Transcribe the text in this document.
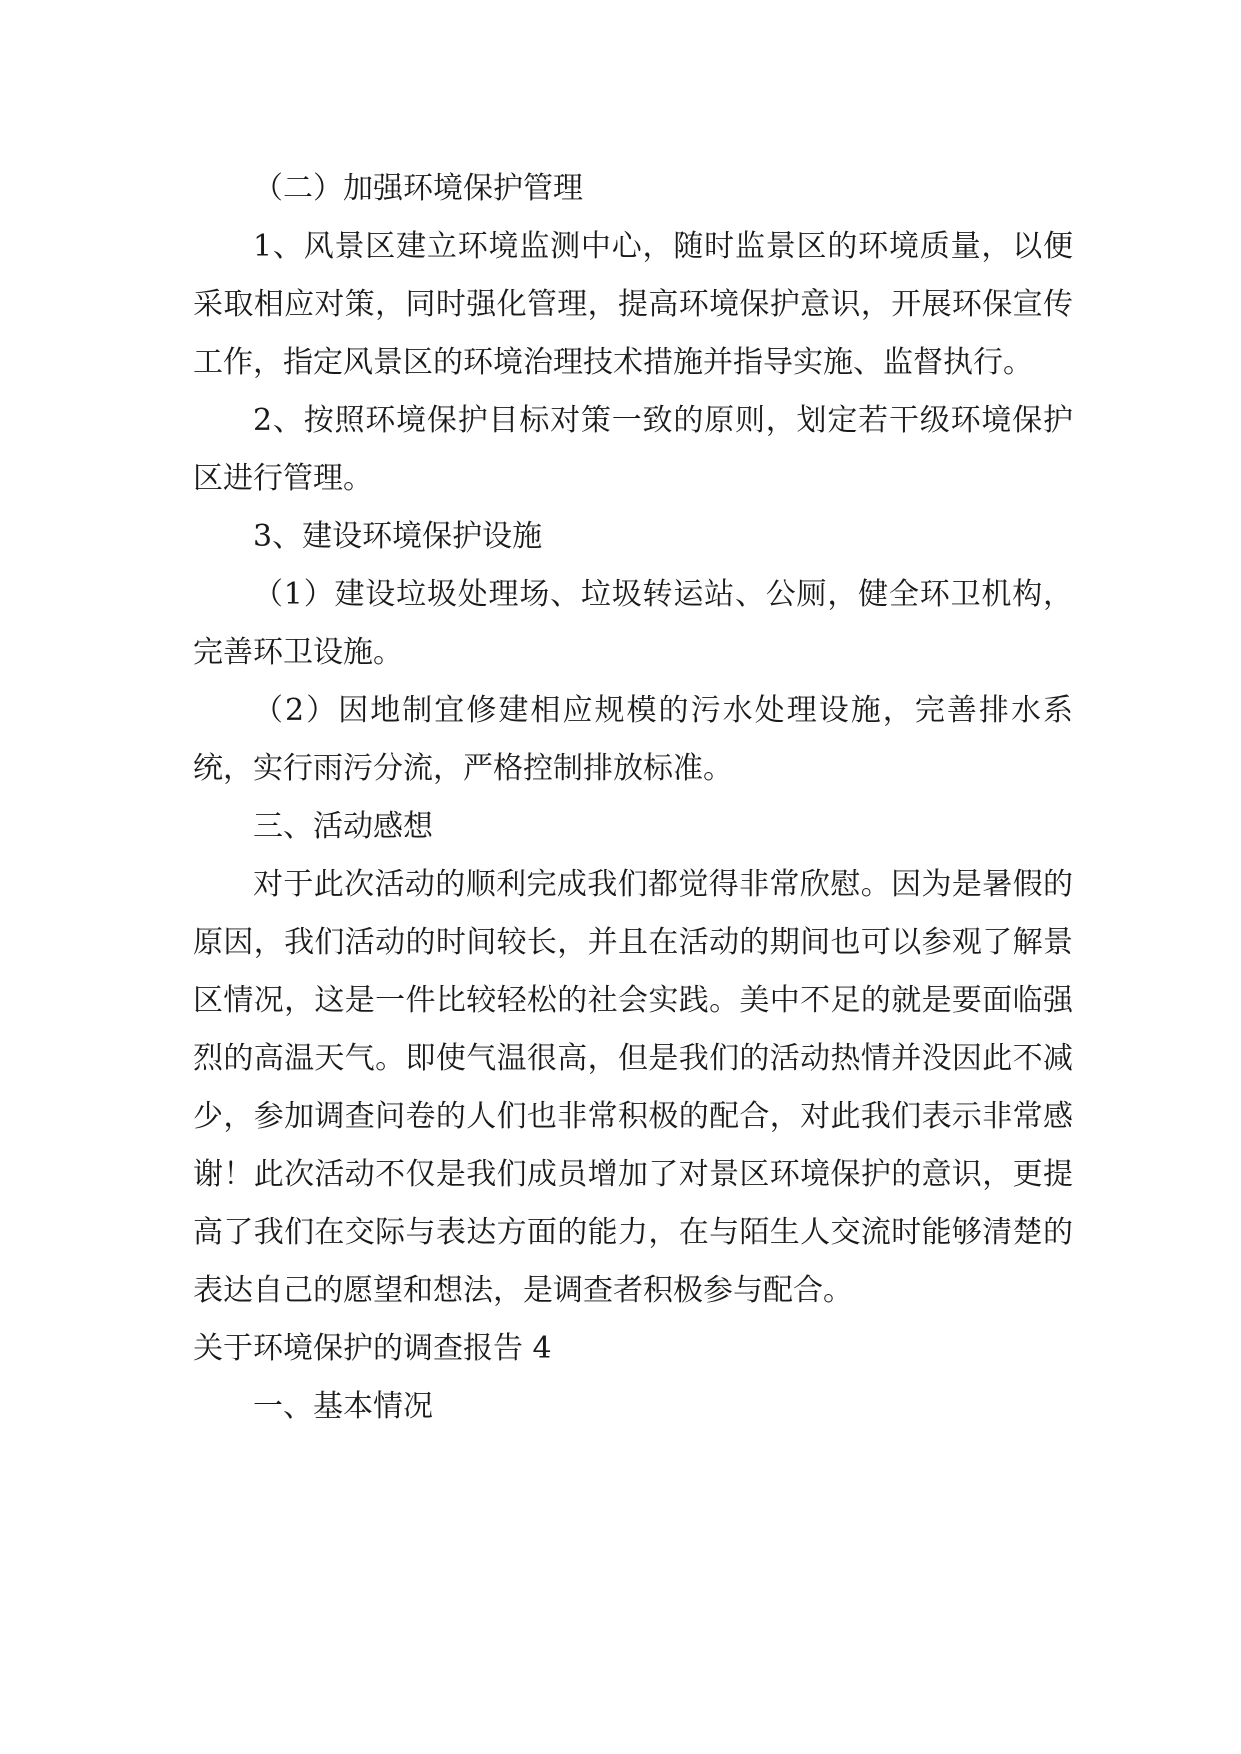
（二）加强环境保护管理

1、风景区建立环境监测中心，随时监景区的环境质量，以便采取相应对策，同时强化管理，提高环境保护意识，开展环保宣传工作，指定风景区的环境治理技术措施并指导实施、监督执行。

2、按照环境保护目标对策一致的原则，划定若干级环境保护区进行管理。

3、建设环境保护设施

（1）建设垃圾处理场、垃圾转运站、公厕，健全环卫机构，完善环卫设施。

（2）因地制宜修建相应规模的污水处理设施，完善排水系统，实行雨污分流，严格控制排放标准。

三、活动感想

对于此次活动的顺利完成我们都觉得非常欣慰。因为是暑假的原因，我们活动的时间较长，并且在活动的期间也可以参观了解景区情况，这是一件比较轻松的社会实践。美中不足的就是要面临强烈的高温天气。即使气温很高，但是我们的活动热情并没因此不减少，参加调查问卷的人们也非常积极的配合，对此我们表示非常感谢！此次活动不仅是我们成员增加了对景区环境保护的意识，更提高了我们在交际与表达方面的能力，在与陌生人交流时能够清楚的表达自己的愿望和想法，是调查者积极参与配合。

关于环境保护的调查报告 4

一、基本情况
